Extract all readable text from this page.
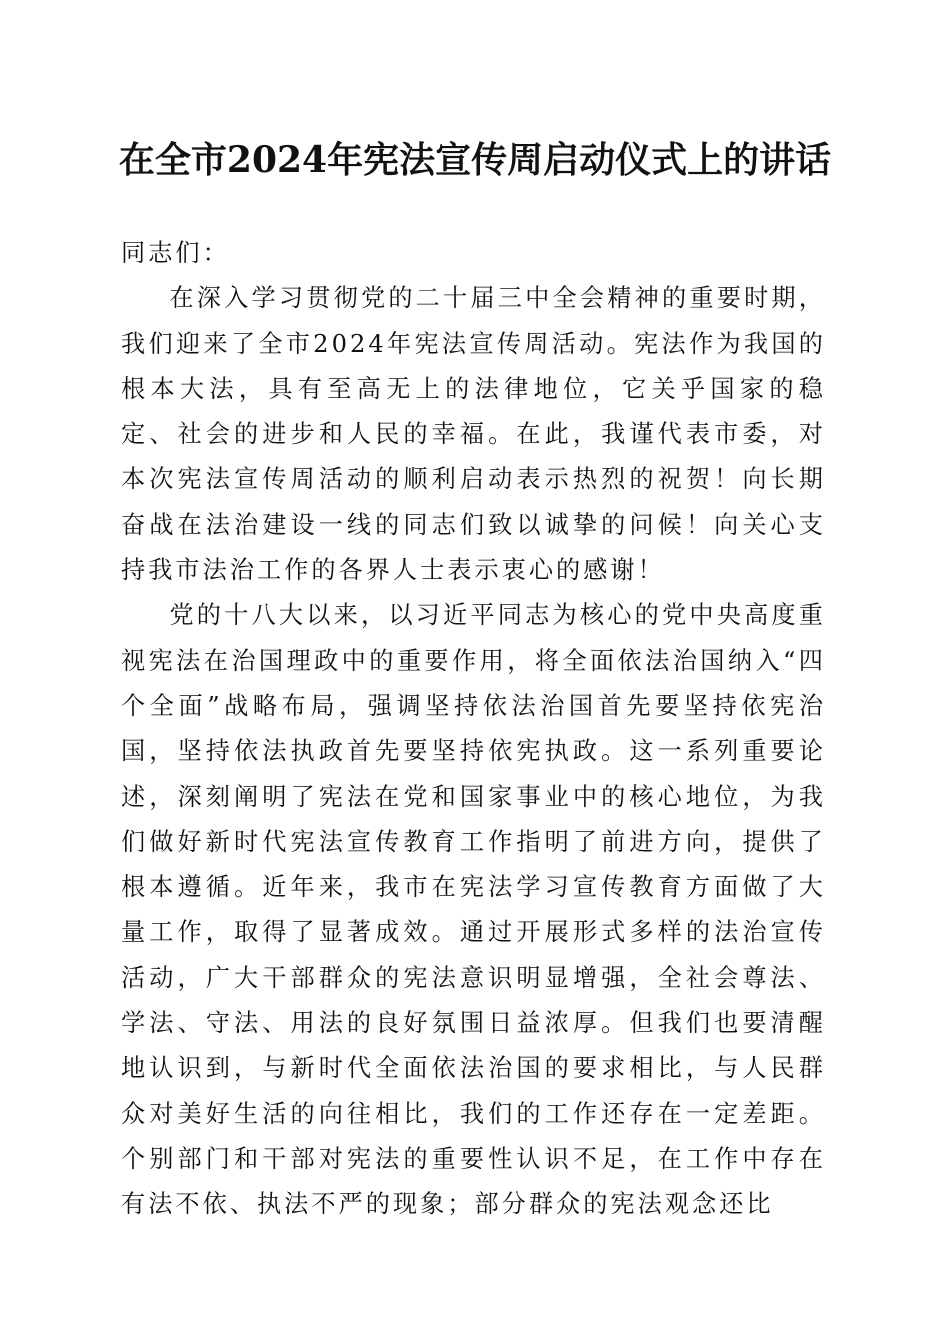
在全市2024年宪法宣传周启动仪式上的讲话

同志们：

在深入学习贯彻党的二十届三中全会精神的重要时期，我们迎来了全市2024年宪法宣传周活动。宪法作为我国的根本大法，具有至高无上的法律地位，它关乎国家的稳定、社会的进步和人民的幸福。在此，我谨代表市委，对本次宪法宣传周活动的顺利启动表示热烈的祝贺！向长期奋战在法治建设一线的同志们致以诚挚的问候！向关心支持我市法治工作的各界人士表示衷心的感谢！

党的十八大以来，以习近平同志为核心的党中央高度重视宪法在治国理政中的重要作用，将全面依法治国纳入“四个全面”战略布局，强调坚持依法治国首先要坚持依宪治国，坚持依法执政首先要坚持依宪执政。这一系列重要论述，深刻阐明了宪法在党和国家事业中的核心地位，为我们做好新时代宪法宣传教育工作指明了前进方向，提供了根本遵循。近年来，我市在宪法学习宣传教育方面做了大量工作，取得了显著成效。通过开展形式多样的法治宣传活动，广大干部群众的宪法意识明显增强，全社会尊法、学法、守法、用法的良好氛围日益浓厚。但我们也要清醒地认识到，与新时代全面依法治国的要求相比，与人民群众对美好生活的向往相比，我们的工作还存在一定差距。个别部门和干部对宪法的重要性认识不足，在工作中存在有法不依、执法不严的现象；部分群众的宪法观念还比
